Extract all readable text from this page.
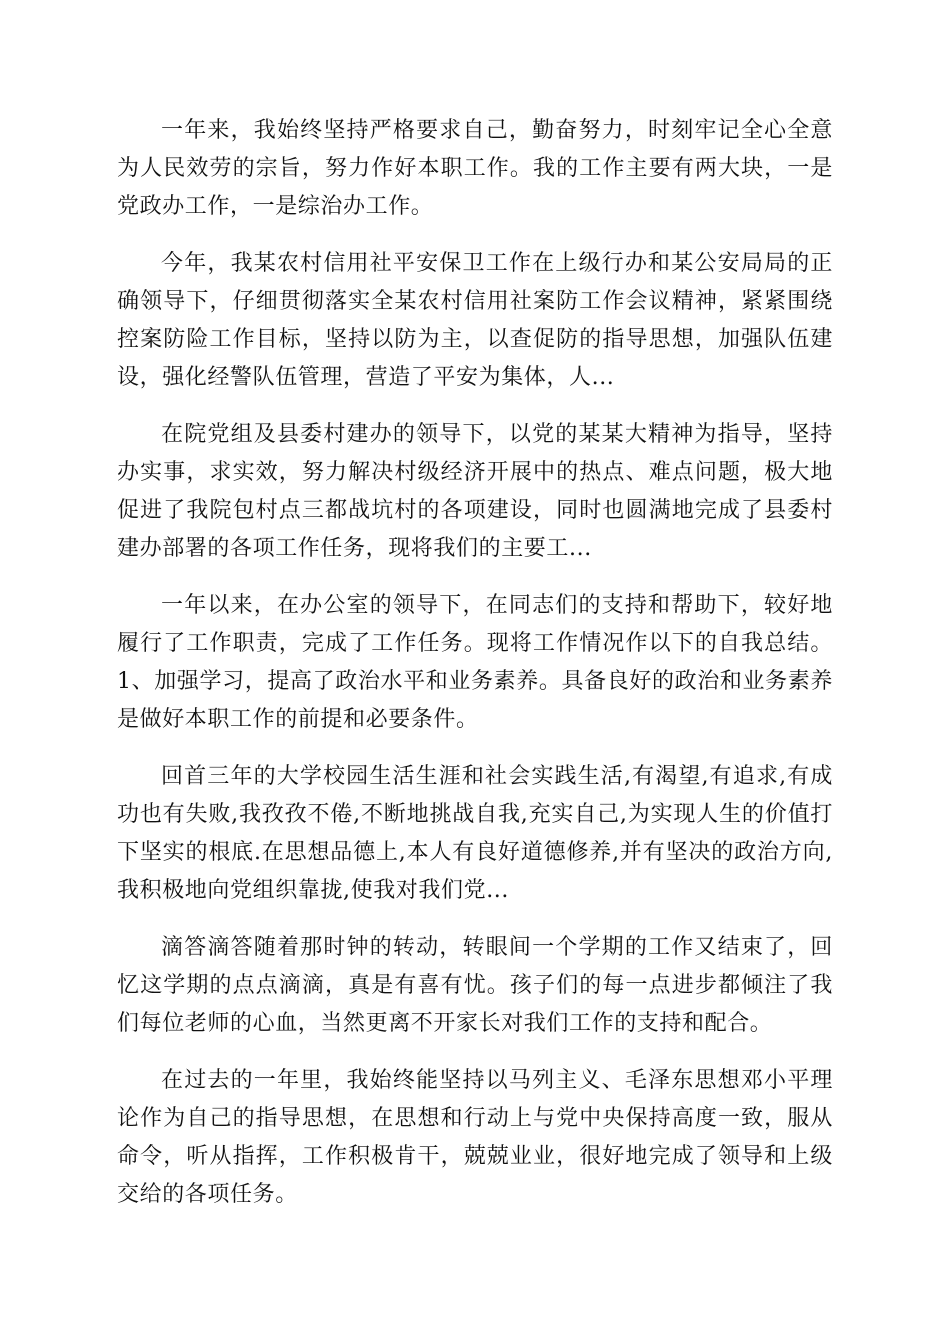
一年来，我始终坚持严格要求自己，勤奋努力，时刻牢记全心全意为人民效劳的宗旨，努力作好本职工作。我的工作主要有两大块，一是党政办工作，一是综治办工作。

今年，我某农村信用社平安保卫工作在上级行办和某公安局局的正确领导下，仔细贯彻落实全某农村信用社案防工作会议精神，紧紧围绕控案防险工作目标，坚持以防为主，以查促防的指导思想，加强队伍建设，强化经警队伍管理，营造了平安为集体，人...

在院党组及县委村建办的领导下，以党的某某大精神为指导，坚持办实事，求实效，努力解决村级经济开展中的热点、难点问题，极大地促进了我院包村点三都战坑村的各项建设，同时也圆满地完成了县委村建办部署的各项工作任务，现将我们的主要工...

一年以来，在办公室的领导下，在同志们的支持和帮助下，较好地履行了工作职责，完成了工作任务。现将工作情况作以下的自我总结。1、加强学习，提高了政治水平和业务素养。具备良好的政治和业务素养是做好本职工作的前提和必要条件。

回首三年的大学校园生活生涯和社会实践生活,有渴望,有追求,有成功也有失败,我孜孜不倦,不断地挑战自我,充实自己,为实现人生的价值打下坚实的根底.在思想品德上,本人有良好道德修养,并有坚决的政治方向,我积极地向党组织靠拢,使我对我们党...

滴答滴答随着那时钟的转动，转眼间一个学期的工作又结束了，回忆这学期的点点滴滴，真是有喜有忧。孩子们的每一点进步都倾注了我们每位老师的心血，当然更离不开家长对我们工作的支持和配合。

在过去的一年里，我始终能坚持以马列主义、毛泽东思想邓小平理论作为自己的指导思想，在思想和行动上与党中央保持高度一致，服从命令，听从指挥，工作积极肯干，兢兢业业，很好地完成了领导和上级交给的各项任务。
